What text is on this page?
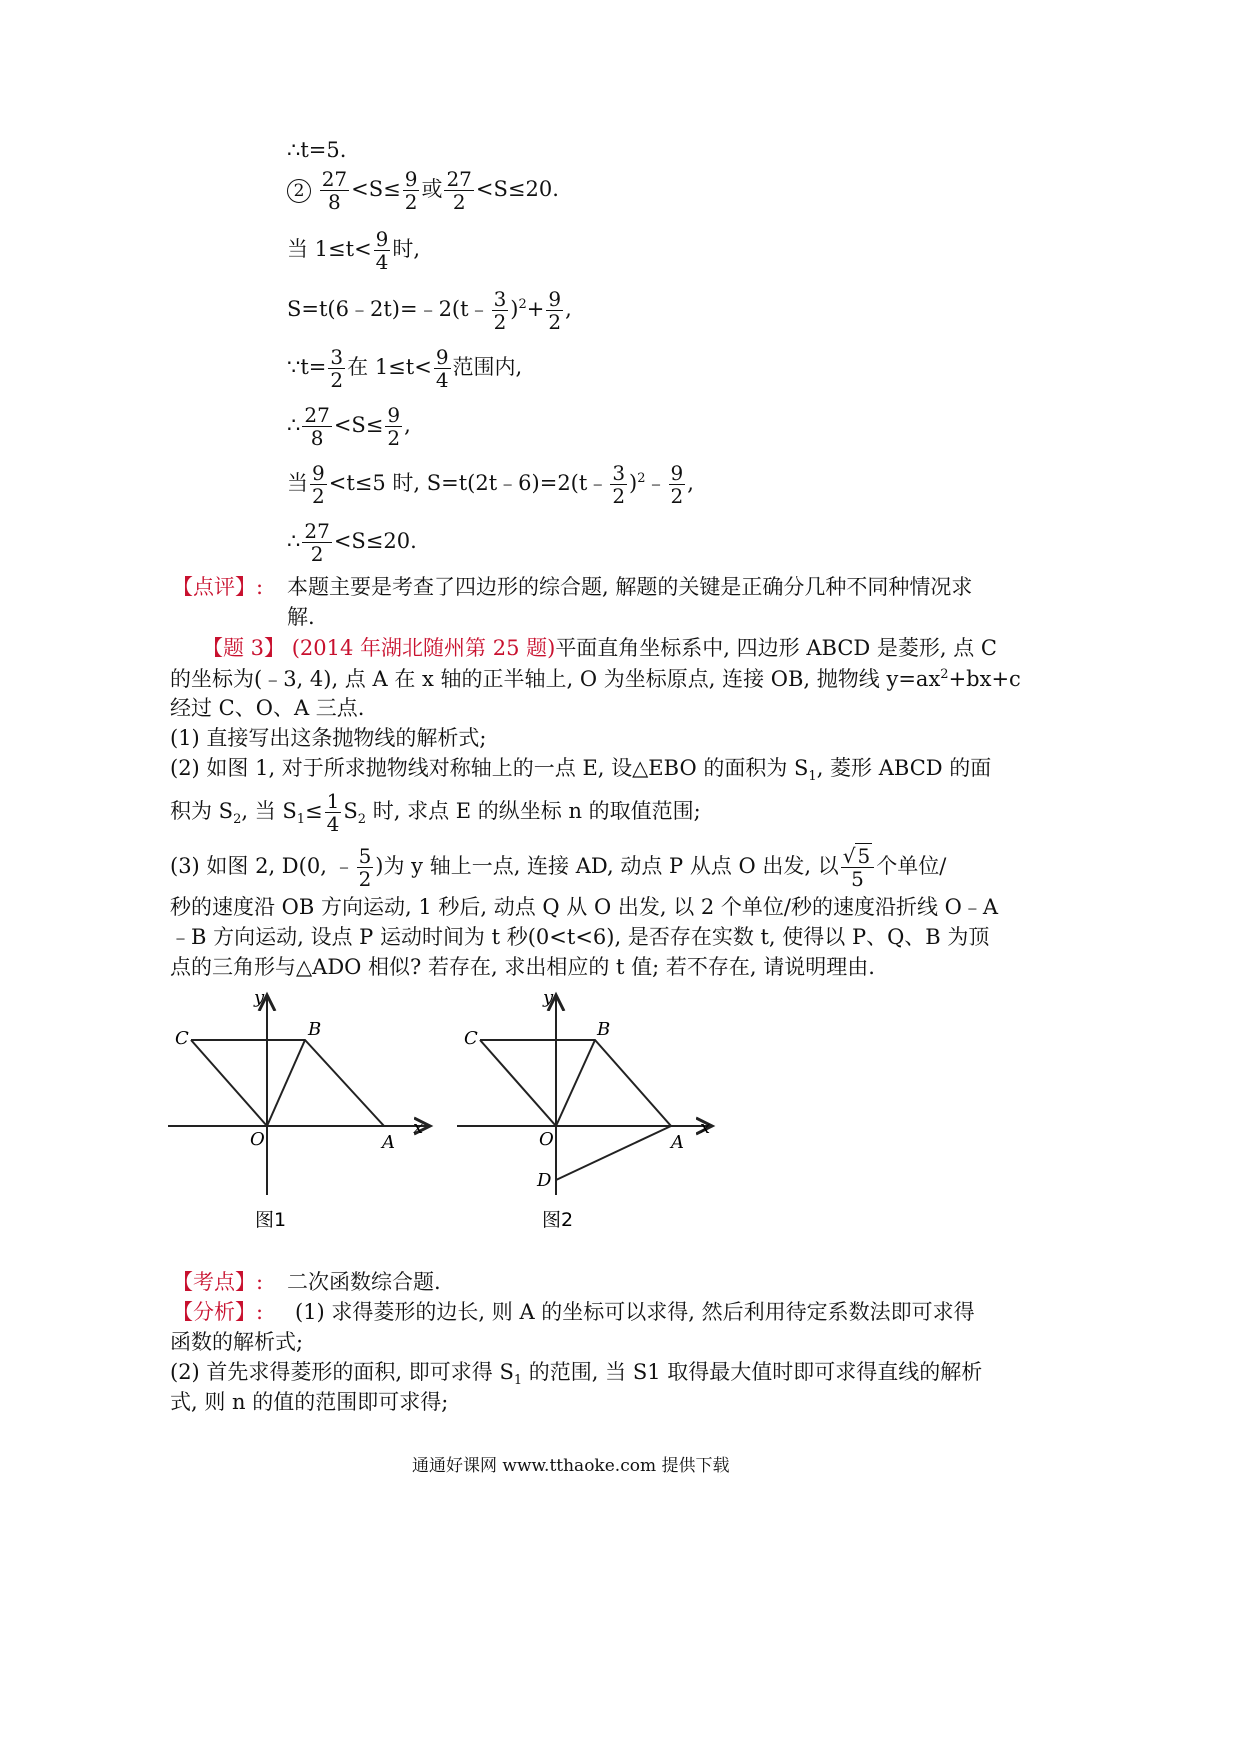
∴t=5.
$2 \frac{27}{8} <S\le \frac{9}{2}$ 或 $\frac{27}{2} <S\le 20$.
当 $1\le t< \frac{9}{4}$ 时,
S=t(6﹣2t)=﹣2(t﹣ $\frac{3}{2} )^2+ \frac{9}{2}$ ,
∵t= $\frac{3}{2}$ 在 $1\le t< \frac{9}{4}$ 范围内,
∴ $\frac{27}{8} <S\le \frac{9}{2}$ ,
当 $\frac{9}{2} <t\le 5$ 时, S=t(2t﹣6)=2(t﹣ $\frac{3}{2}$ )$^2$﹣ $\frac{9}{2}$ ,
∴ $\frac{27}{2} <S\le 20$.
【点评】: 本题主要是考查了四边形的综合题, 解题的关键是正确分几种不同种情况求
解.
【题 3】 (2014 年湖北随州第 25 题)平面直角坐标系中, 四边形 ABCD 是菱形, 点 C
的坐标为(﹣3, 4), 点 A 在 x 轴的正半轴上, O 为坐标原点, 连接 OB, 抛物线 $y=ax^2+bx+c$
经过 C、O、A 三点.
(1) 直接写出这条抛物线的解析式;
(2) 如图 1, 对于所求抛物线对称轴上的一点 E, 设△EBO 的面积为 $S_1$, 菱形 ABCD 的面
积为 $S_2$, 当 $S_1\le \frac{1}{4} S_2$ 时, 求点 E 的纵坐标 n 的取值范围;
(3) 如图 2, D(0, ﹣ $\frac{5}{2}$ )为 y 轴上一点, 连接 AD, 动点 P 从点 O 出发, 以 $\frac{√ 5}{5}$ 个单位/
秒的速度沿 OB 方向运动, 1 秒后, 动点 Q 从 O 出发, 以 2 个单位/秒的速度沿折线 O﹣A
﹣B 方向运动, 设点 P 运动时间为 t 秒(0<t<6), 是否存在实数 t, 使得以 P、Q、B 为顶
点的三角形与△ADO 相似? 若存在, 求出相应的 t 值; 若不存在, 请说明理由.
y
x
C	B
O	A
图1
y
x
C	B
O	A
D
图2
【考点】: 二次函数综合题.
【分析】: (1) 求得菱形的边长, 则 A 的坐标可以求得, 然后利用待定系数法即可求得
函数的解析式;
(2) 首先求得菱形的面积, 即可求得 $S_1$ 的范围, 当 S1 取得最大值时即可求得直线的解析
式, 则 n 的值的范围即可求得;
通通好课网 www.tthaoke.com 提供下载
